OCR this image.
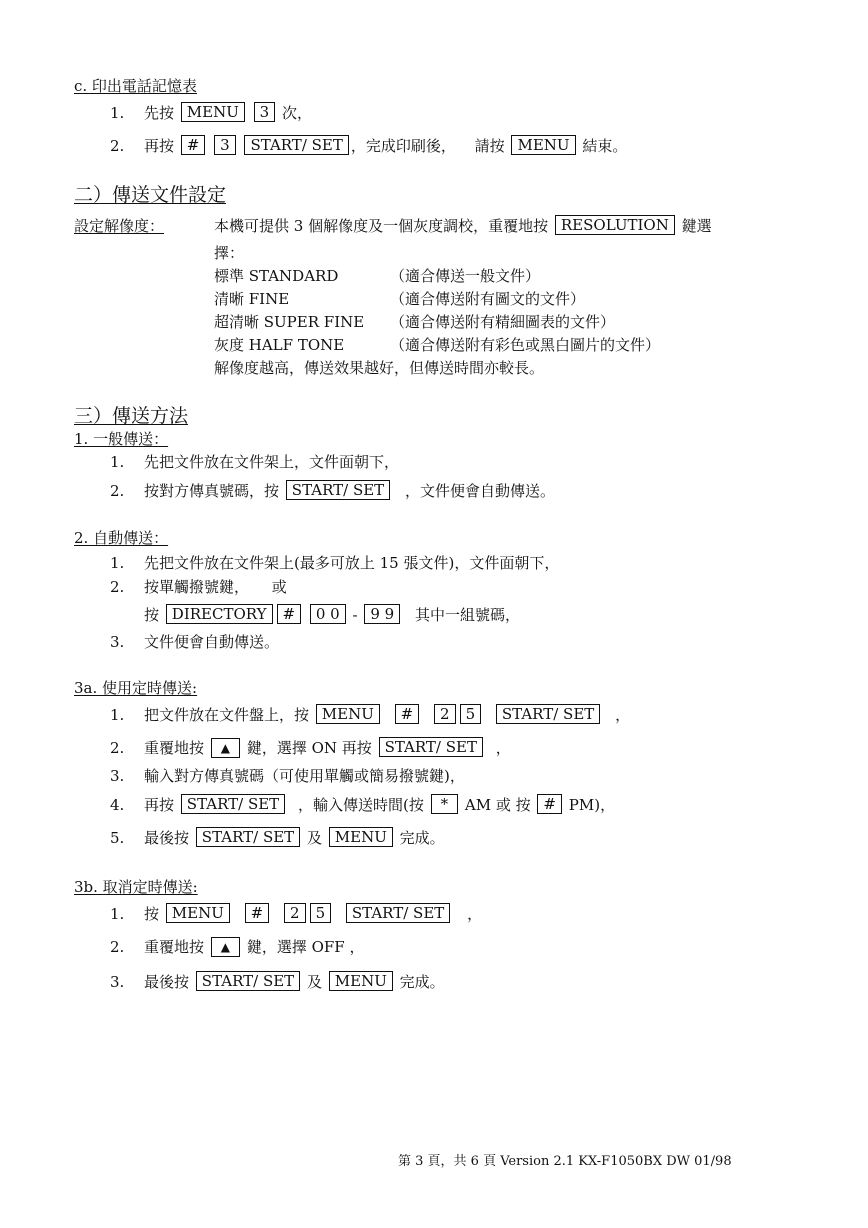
c. 印出電話記憶表
1. 先按 MENU 3 次，
2. 再按 # 3 START/ SET ，完成印刷後， 請按 MENU 結束。
二）傳送文件設定
設定解像度：	本機可提供 3 個解像度及一個灰度調校，重覆地按 RESOLUTION 鍵選
擇：
標準 STANDARD	（適合傳送一般文件）
清晰 FINE	（適合傳送附有圖文的文件）
超清晰 SUPER FINE （適合傳送附有精細圖表的文件）
灰度 HALF TONE	（適合傳送附有彩色或黑白圖片的文件）
解像度越高，傳送效果越好，但傳送時間亦較長。
三）傳送方法
1. 一般傳送：
1. 先把文件放在文件架上，文件面朝下，
2. 按對方傳真號碼，按 START/ SET ，文件便會自動傳送。
2. 自動傳送：
1. 先把文件放在文件架上(最多可放上 15 張文件)，文件面朝下，
2. 按單觸撥號鍵， 或
按 DIRECTORY # 0 0 - 9 9 其中一組號碼，
3. 文件便會自動傳送。
3a. 使用定時傳送:
1. 把文件放在文件盤上，按 MENU # 2 5 START/ SET ，
2. 重覆地按 ▲ 鍵，選擇 ON 再按 START/ SET ，
3. 輸入對方傳真號碼（可使用單觸或簡易撥號鍵)，
4. 再按 START/ SET ，輸入傳送時間(按 * AM 或 按 # PM)，
5. 最後按 START/ SET 及 MENU 完成。
3b. 取消定時傳送:
1. 按 MENU # 2 5 START/ SET ，
2. 重覆地按 ▲ 鍵，選擇 OFF ，
3. 最後按 START/ SET 及 MENU 完成。
第 3 頁，共 6 頁 Version 2.1 KX-F1050BX DW 01/98
